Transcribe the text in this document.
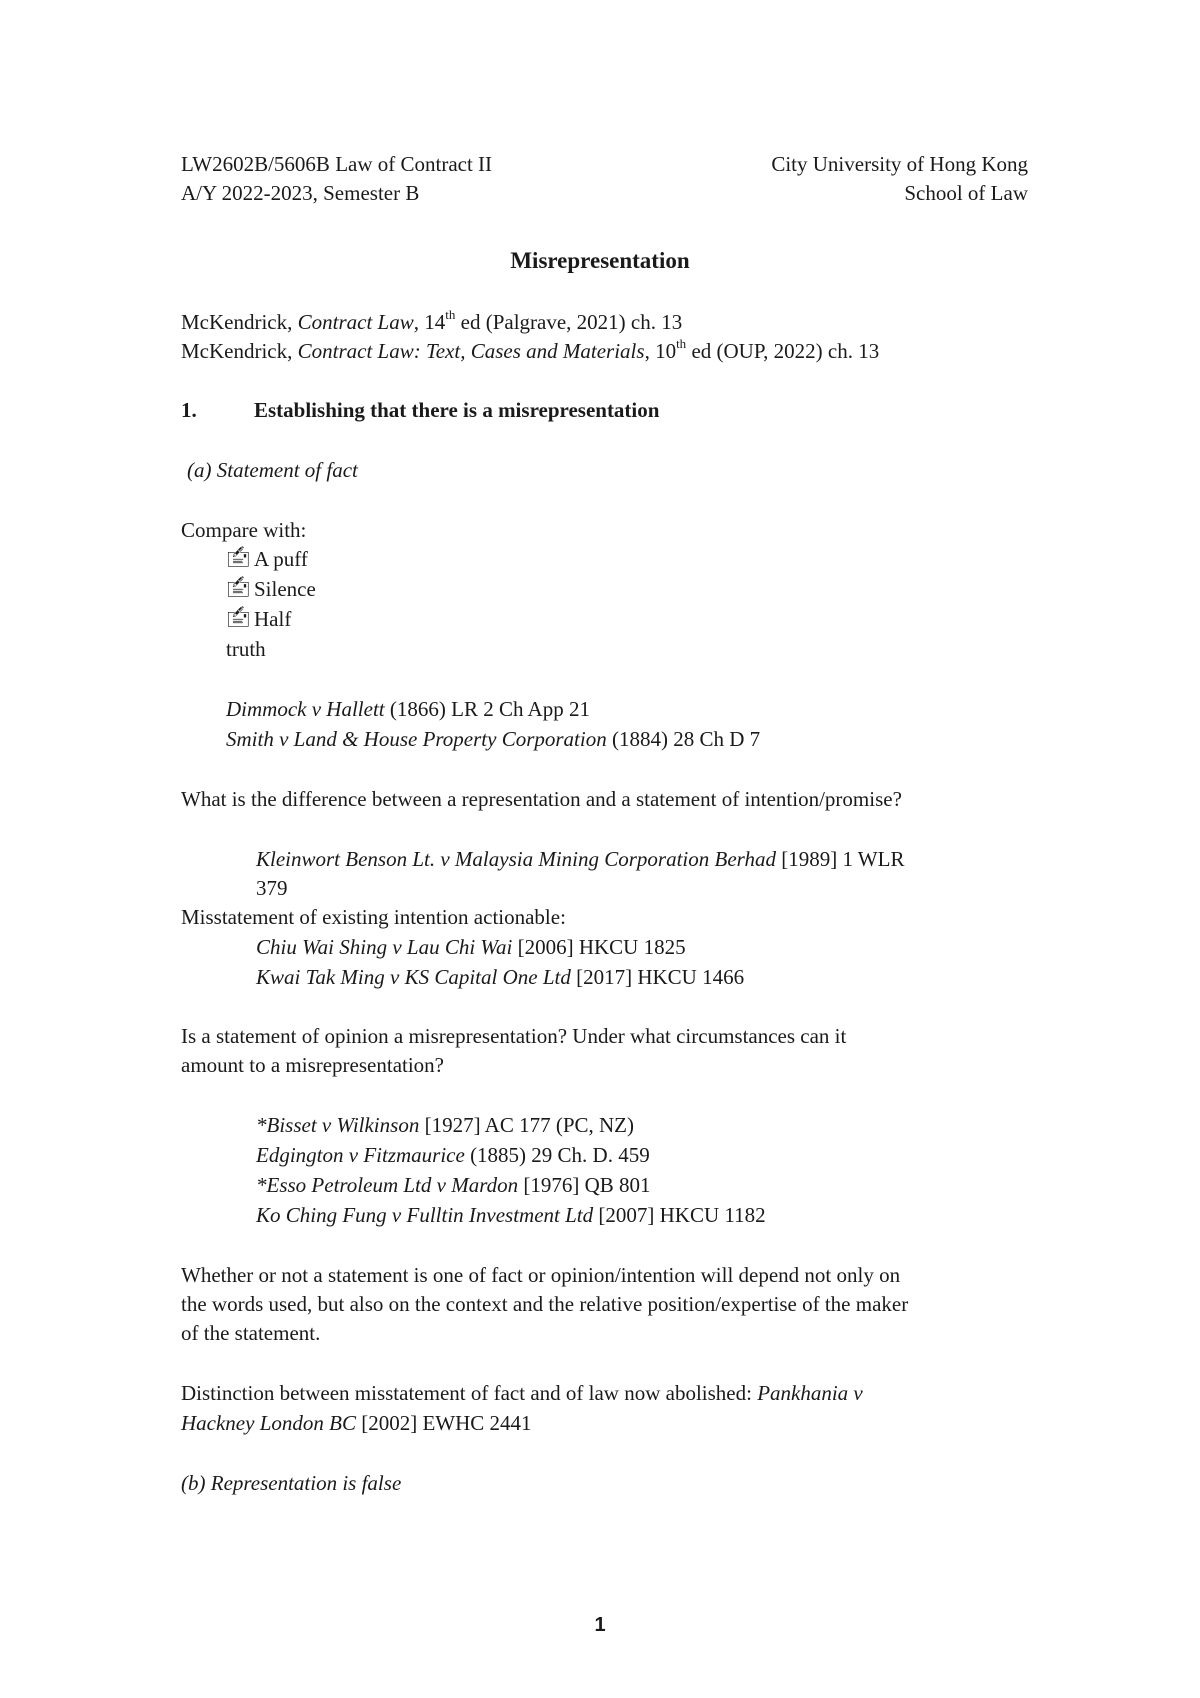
LW2602B/5606B Law of Contract II
A/Y 2022-2023, Semester B
City University of Hong Kong
School of Law
Misrepresentation
McKendrick, Contract Law, 14th ed (Palgrave, 2021) ch. 13
McKendrick, Contract Law: Text, Cases and Materials, 10th ed (OUP, 2022) ch. 13
1.	Establishing that there is a misrepresentation
(a) Statement of fact
Compare with:
🖆 A puff
🖆 Silence
🖆 Half
truth
Dimmock v Hallett (1866) LR 2 Ch App 21
Smith v Land & House Property Corporation (1884) 28 Ch D 7
What is the difference between a representation and a statement of intention/promise?
Kleinwort Benson Lt. v Malaysia Mining Corporation Berhad [1989] 1 WLR
379
Misstatement of existing intention actionable:
Chiu Wai Shing v Lau Chi Wai [2006] HKCU 1825
Kwai Tak Ming v KS Capital One Ltd [2017] HKCU 1466
Is a statement of opinion a misrepresentation? Under what circumstances can it
amount to a misrepresentation?
*Bisset v Wilkinson [1927] AC 177 (PC, NZ)
Edgington v Fitzmaurice (1885) 29 Ch. D. 459
*Esso Petroleum Ltd v Mardon [1976] QB 801
Ko Ching Fung v Fulltin Investment Ltd [2007] HKCU 1182
Whether or not a statement is one of fact or opinion/intention will depend not only on
the words used, but also on the context and the relative position/expertise of the maker
of the statement.
Distinction between misstatement of fact and of law now abolished: Pankhania v
Hackney London BC [2002] EWHC 2441
(b) Representation is false
1
